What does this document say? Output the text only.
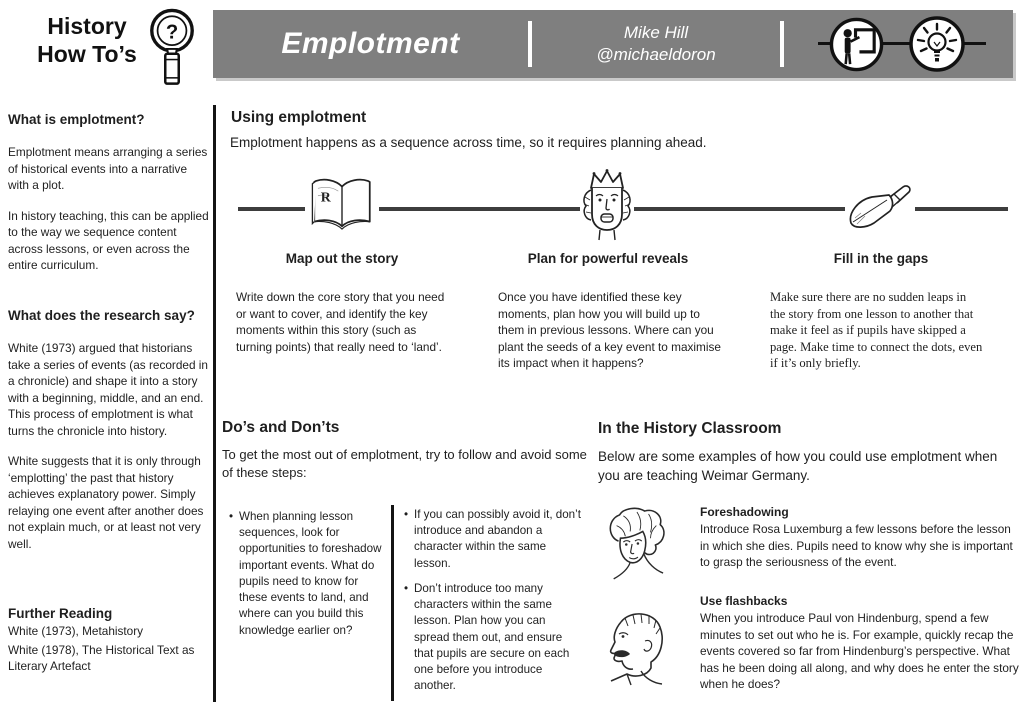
History
How To’s
?	Emplotment	Mike Hill
@michaeldoron
What is emplotment?
Emplotment means arranging a series of historical events into a narrative with a plot.
In history teaching, this can be applied to the way we sequence content across lessons, or even across the entire curriculum.
What does the research say?
White (1973) argued that historians take a series of events (as recorded in a chronicle) and shape it into a story with a beginning, middle, and an end. This process of emplotment is what turns the chronicle into history.
White suggests that it is only through ‘emplotting’ the past that history achieves explanatory power. Simply relaying one event after another does not explain much, or at least not very well.
Further Reading
White (1973), Metahistory
White (1978), The Historical Text as Literary Artefact
Using emplotment
Emplotment happens as a sequence across time, so it requires planning ahead.
R
Map out the story	Plan for powerful reveals	Fill in the gaps
Write down the core story that you need or want to cover, and identify the key moments within this story (such as turning points) that really need to ‘land’.
Once you have identified these key moments, plan how you will build up to them in previous lessons. Where can you plant the seeds of a key event to maximise its impact when it happens?
Make sure there are no sudden leaps in the story from one lesson to another that make it feel as if pupils have skipped a page. Make time to connect the dots, even if it’s only briefly.
Do’s and Don’ts
To get the most out of emplotment, try to follow and avoid some of these steps:
• When planning lesson sequences, look for opportunities to foreshadow important events. What do pupils need to know for these events to land, and where can you build this knowledge earlier on?
• If you can possibly avoid it, don’t introduce and abandon a character within the same lesson.
• Don’t introduce too many characters within the same lesson. Plan how you can spread them out, and ensure that pupils are secure on each one before you introduce another.
In the History Classroom
Below are some examples of how you could use emplotment when you are teaching Weimar Germany.
Foreshadowing
Introduce Rosa Luxemburg a few lessons before the lesson in which she dies. Pupils need to know why she is important to grasp the seriousness of the event.
Use flashbacks
When you introduce Paul von Hindenburg, spend a few minutes to set out who he is. For example, quickly recap the events covered so far from Hindenburg’s perspective. What has he been doing all along, and why does he enter the story when he does?
